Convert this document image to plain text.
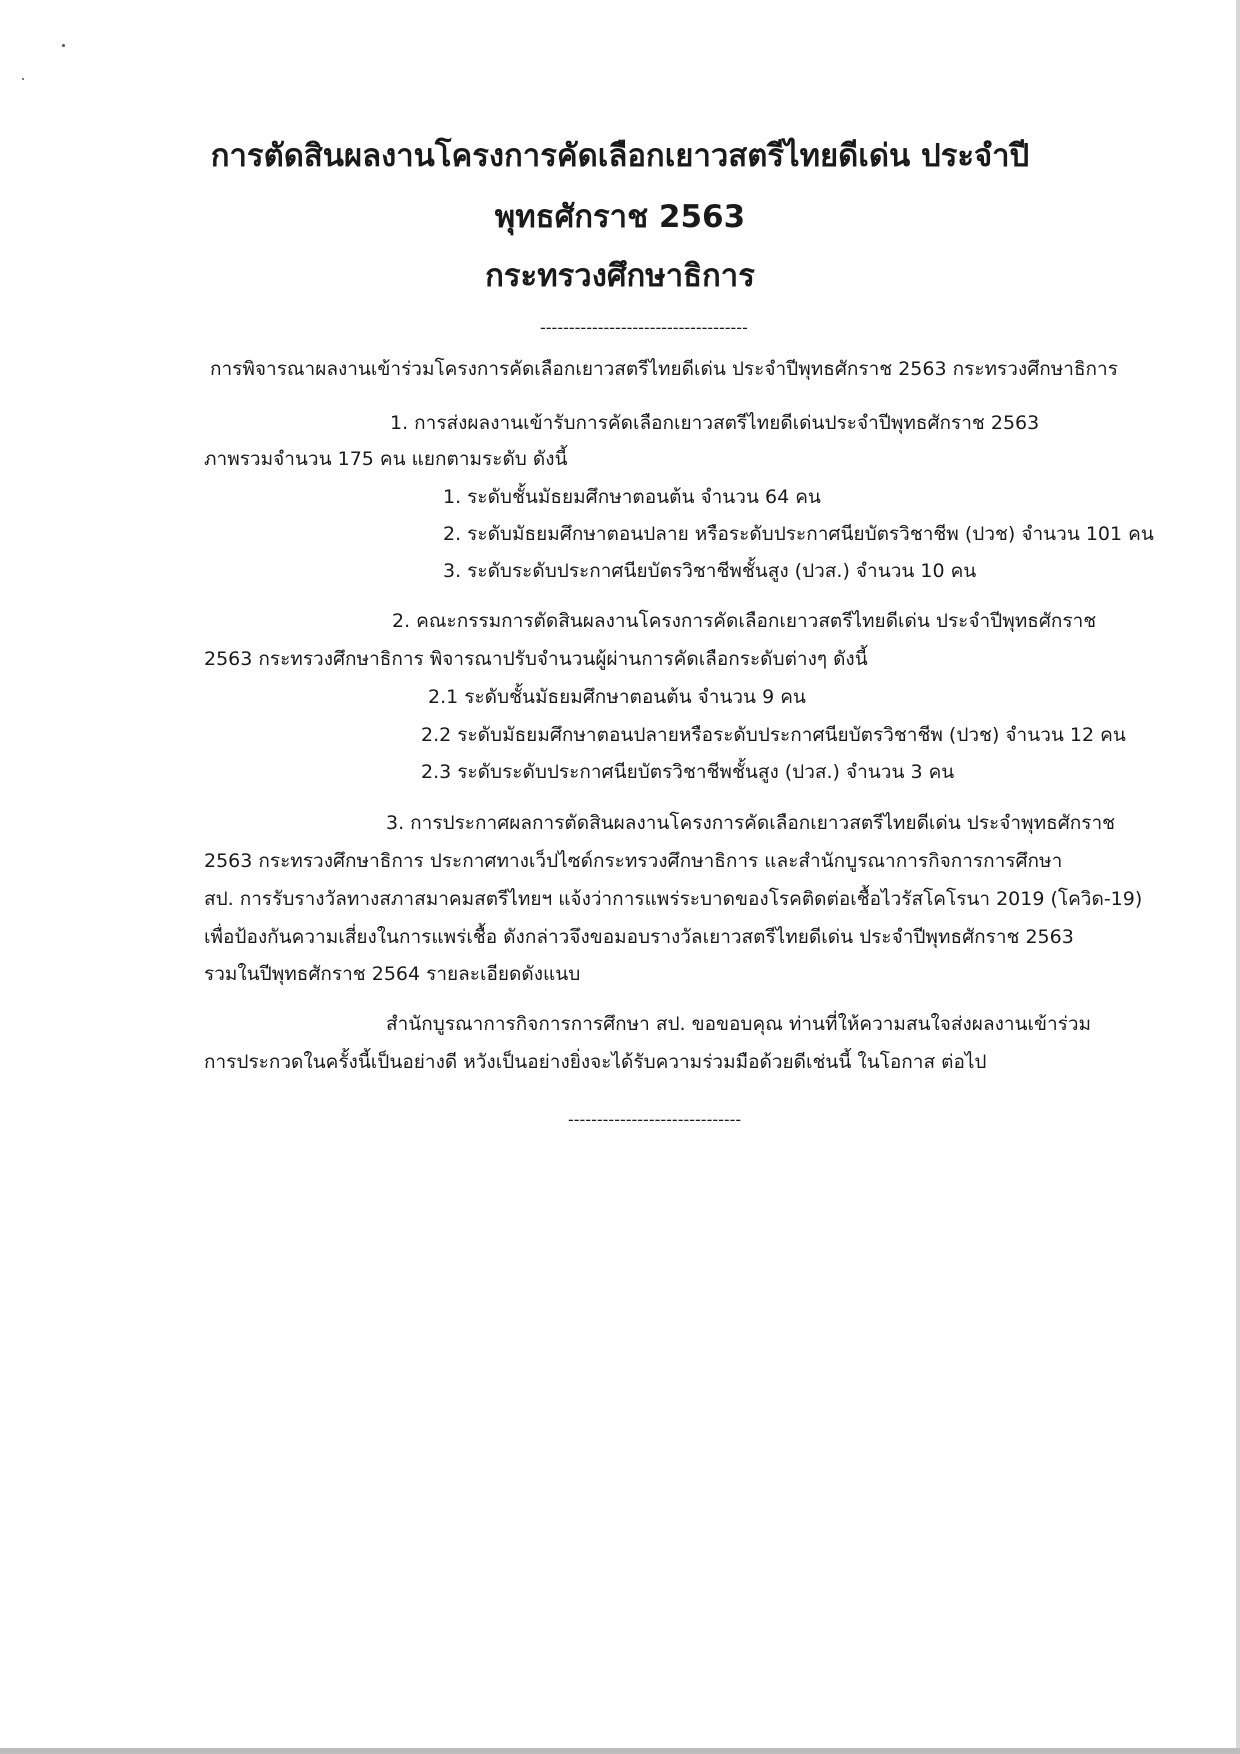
การตัดสินผลงานโครงการคัดเลือกเยาวสตรีไทยดีเด่น ประจำปี
พุทธศักราช 2563
กระทรวงศึกษาธิการ
------------------------------------
การพิจารณาผลงานเข้าร่วมโครงการคัดเลือกเยาวสตรีไทยดีเด่น ประจำปีพุทธศักราช 2563 กระทรวงศึกษาธิการ
1. การส่งผลงานเข้ารับการคัดเลือกเยาวสตรีไทยดีเด่นประจำปีพุทธศักราช 2563
ภาพรวมจำนวน 175 คน แยกตามระดับ ดังนี้
1. ระดับชั้นมัธยมศึกษาตอนต้น จำนวน 64 คน
2. ระดับมัธยมศึกษาตอนปลาย หรือระดับประกาศนียบัตรวิชาชีพ (ปวช) จำนวน 101 คน
3. ระดับระดับประกาศนียบัตรวิชาชีพชั้นสูง (ปวส.) จำนวน 10 คน
2. คณะกรรมการตัดสินผลงานโครงการคัดเลือกเยาวสตรีไทยดีเด่น ประจำปีพุทธศักราช
2563 กระทรวงศึกษาธิการ พิจารณาปรับจำนวนผู้ผ่านการคัดเลือกระดับต่างๆ ดังนี้
2.1 ระดับชั้นมัธยมศึกษาตอนต้น จำนวน 9 คน
2.2 ระดับมัธยมศึกษาตอนปลายหรือระดับประกาศนียบัตรวิชาชีพ (ปวช) จำนวน 12 คน
2.3 ระดับระดับประกาศนียบัตรวิชาชีพชั้นสูง (ปวส.) จำนวน 3 คน
3. การประกาศผลการตัดสินผลงานโครงการคัดเลือกเยาวสตรีไทยดีเด่น ประจำพุทธศักราช
2563 กระทรวงศึกษาธิการ ประกาศทางเว็ปไซด์กระทรวงศึกษาธิการ และสำนักบูรณาการกิจการการศึกษา
สป. การรับรางวัลทางสภาสมาคมสตรีไทยฯ แจ้งว่าการแพร่ระบาดของโรคติดต่อเชื้อไวรัสโคโรนา 2019 (โควิด-19)
เพื่อป้องกันความเสี่ยงในการแพร่เชื้อ ดังกล่าวจึงขอมอบรางวัลเยาวสตรีไทยดีเด่น ประจำปีพุทธศักราช 2563
รวมในปีพุทธศักราช 2564 รายละเอียดดังแนบ
สำนักบูรณาการกิจการการศึกษา สป. ขอขอบคุณ ท่านที่ให้ความสนใจส่งผลงานเข้าร่วม
การประกวดในครั้งนี้เป็นอย่างดี หวังเป็นอย่างยิ่งจะได้รับความร่วมมือด้วยดีเช่นนี้ ในโอกาส ต่อไป
------------------------------
